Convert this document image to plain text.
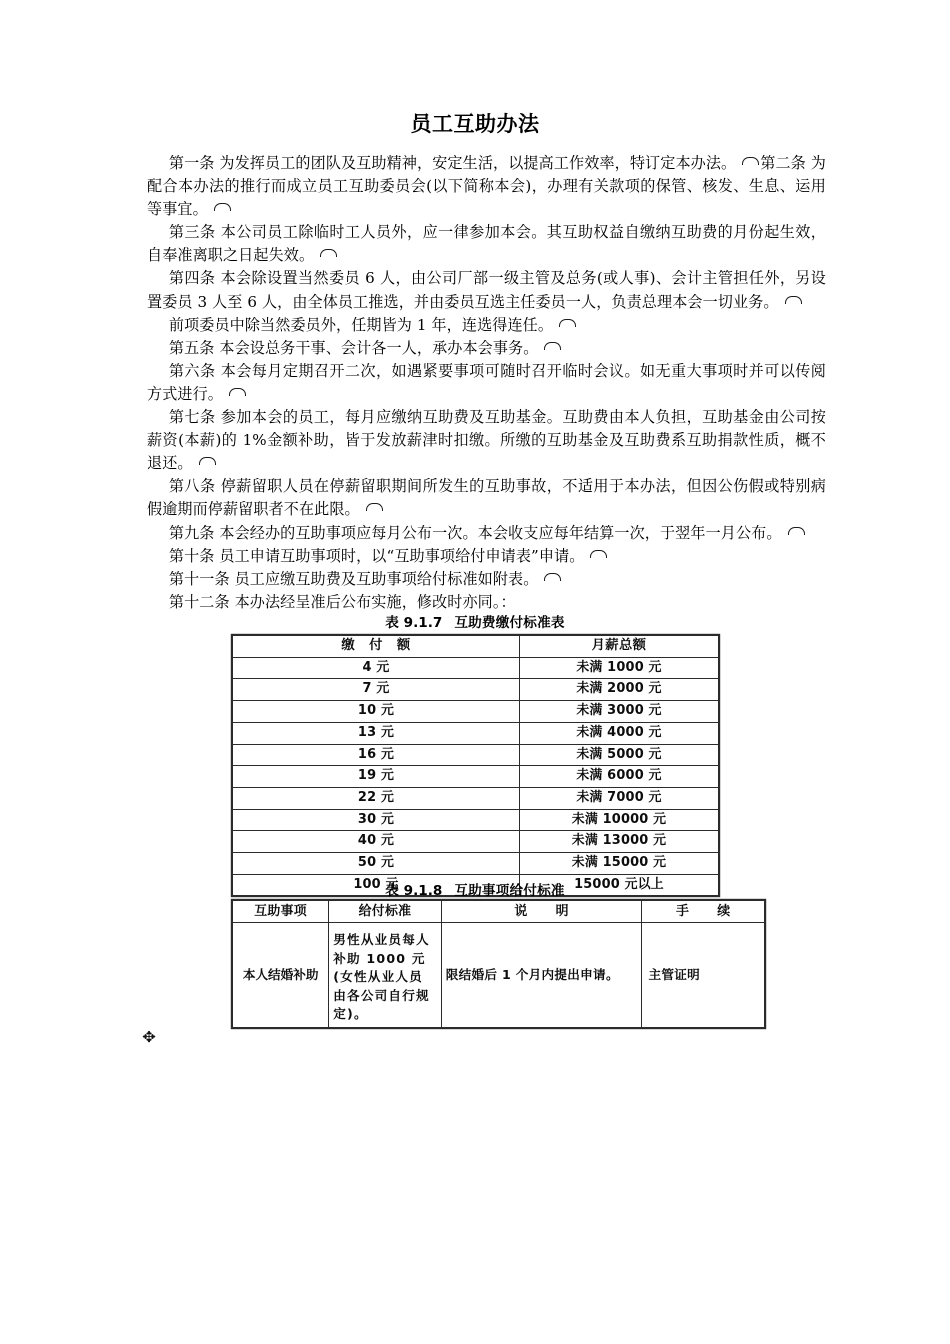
员工互助办法

第一条 为发挥员工的团队及互助精神，安定生活，以提高工作效率，特订定本办法。 第二条 为配合本办法的推行而成立员工互助委员会(以下简称本会)，办理有关款项的保管、核发、生息、运用等事宜。

第三条 本公司员工除临时工人员外，应一律参加本会。其互助权益自缴纳互助费的月份起生效，自奉准离职之日起失效。

第四条 本会除设置当然委员 6 人，由公司厂部一级主管及总务(或人事)、会计主管担任外，另设置委员 3 人至 6 人，由全体员工推选，并由委员互选主任委员一人，负责总理本会一切业务。

前项委员中除当然委员外，任期皆为 1 年，连选得连任。

第五条 本会设总务干事、会计各一人，承办本会事务。

第六条 本会每月定期召开二次，如遇紧要事项可随时召开临时会议。如无重大事项时并可以传阅方式进行。

第七条 参加本会的员工，每月应缴纳互助费及互助基金。互助费由本人负担，互助基金由公司按薪资(本薪)的 1%金额补助，皆于发放薪津时扣缴。所缴的互助基金及互助费系互助捐款性质，概不退还。

第八条 停薪留职人员在停薪留职期间所发生的互助事故，不适用于本办法，但因公伤假或特别病假逾期而停薪留职者不在此限。

第九条 本会经办的互助事项应每月公布一次。本会收支应每年结算一次，于翌年一月公布。

第十条 员工申请互助事项时，以“互助事项给付申请表”申请。

第十一条 员工应缴互助费及互助事项给付标准如附表。

第十二条 本办法经呈准后公布实施，修改时亦同。：

表 9.1.7 互助费缴付标准表
缴 付 额	月薪总额
4 元	未满 1000 元
7 元	未满 2000 元
10 元	未满 3000 元
13 元	未满 4000 元
16 元	未满 5000 元
19 元	未满 6000 元
22 元	未满 7000 元
30 元	未满 10000 元
40 元	未满 13000 元
50 元	未满 15000 元
100 元	15000 元以上
表 9.1.8 互助事项给付标准
互助事项	给付标准	说 明	手 续
本人结婚补助	男性从业员每人补助 1000 元(女性从业人员由各公司自行规定)。	限结婚后 1 个月内提出申请。	主管证明
✥
